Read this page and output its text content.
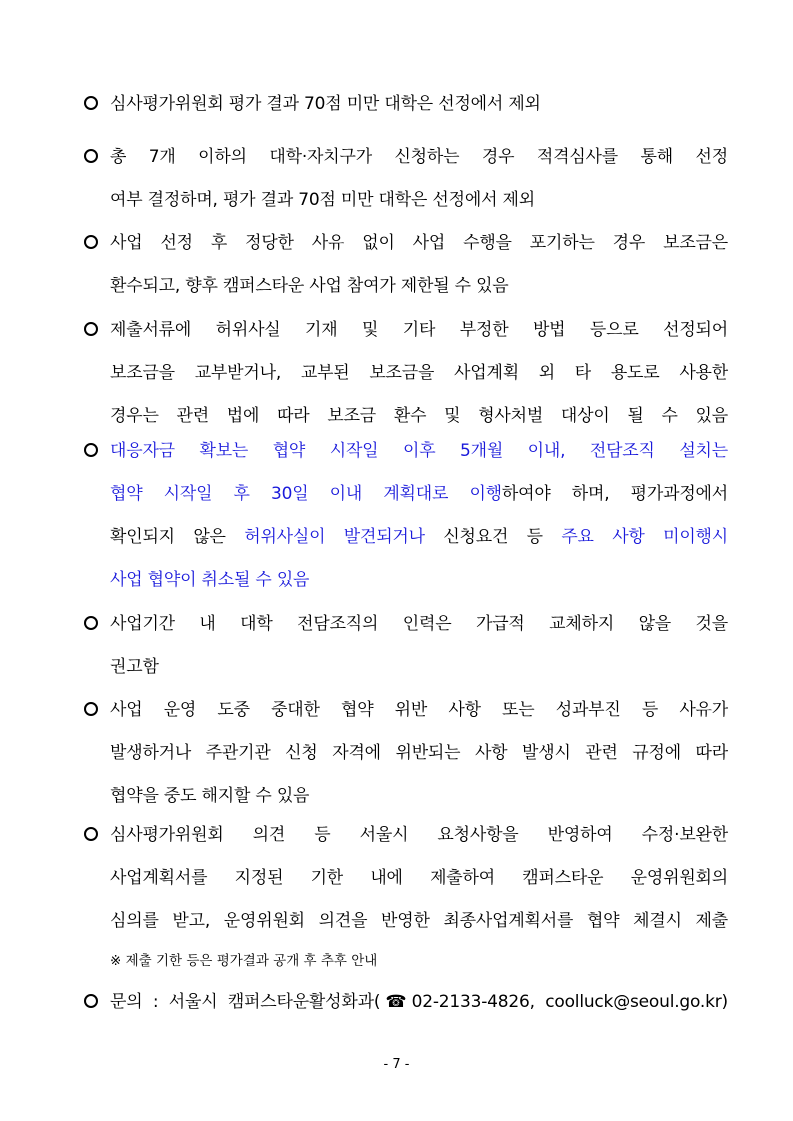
심사평가위원회 평가 결과 70점 미만 대학은 선정에서 제외
총 7개 이하의 대학·자치구가 신청하는 경우 적격심사를 통해 선정
여부 결정하며, 평가 결과 70점 미만 대학은 선정에서 제외
사업 선정 후 정당한 사유 없이 사업 수행을 포기하는 경우 보조금은
환수되고, 향후 캠퍼스타운 사업 참여가 제한될 수 있음
제출서류에 허위사실 기재 및 기타 부정한 방법 등으로 선정되어
보조금을 교부받거나, 교부된 보조금을 사업계획 외 타 용도로 사용한
경우는 관련 법에 따라 보조금 환수 및 형사처벌 대상이 될 수 있음
대응자금 확보는 협약 시작일 이후 5개월 이내, 전담조직 설치는
협약 시작일 후 30일 이내 계획대로 이행하여야 하며, 평가과정에서
확인되지 않은 허위사실이 발견되거나 신청요건 등 주요 사항 미이행시
사업 협약이 취소될 수 있음
사업기간 내 대학 전담조직의 인력은 가급적 교체하지 않을 것을
권고함
사업 운영 도중 중대한 협약 위반 사항 또는 성과부진 등 사유가
발생하거나 주관기관 신청 자격에 위반되는 사항 발생시 관련 규정에 따라
협약을 중도 해지할 수 있음
심사평가위원회 의견 등 서울시 요청사항을 반영하여 수정·보완한
사업계획서를 지정된 기한 내에 제출하여 캠퍼스타운 운영위원회의
심의를 받고, 운영위원회 의견을 반영한 최종사업계획서를 협약 체결시 제출
문의 : 서울시 캠퍼스타운활성화과(☎02-2133-4826, coolluck@seoul.go.kr)
※ 제출 기한 등은 평가결과 공개 후 추후 안내
- 7 -
